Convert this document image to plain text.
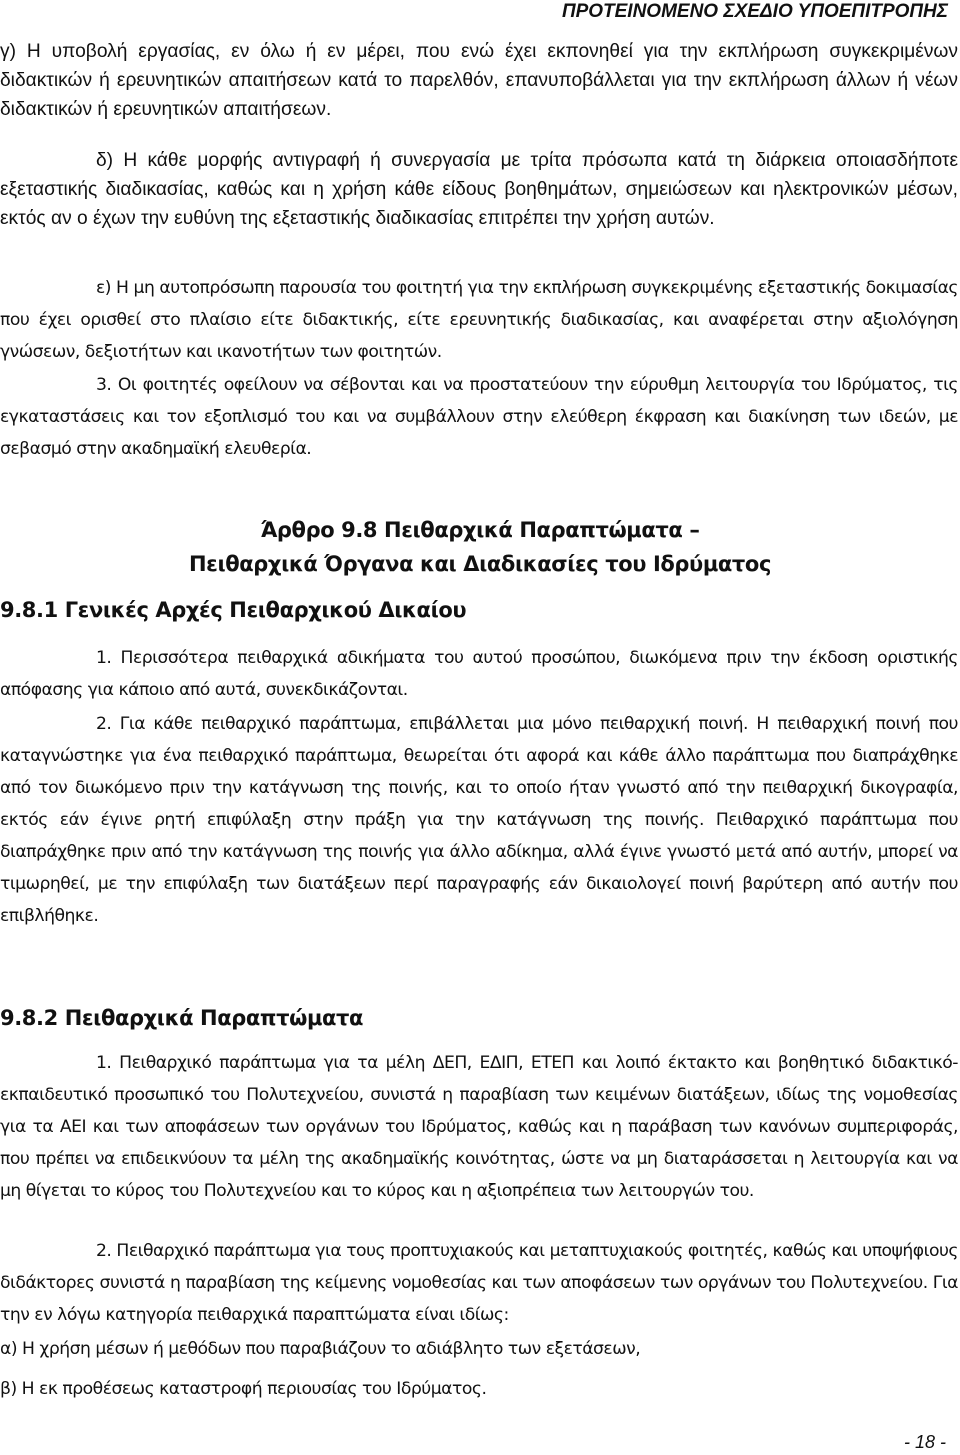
ΠΡΟΤΕΙΝΟΜΕΝΟ ΣΧΕΔΙΟ ΥΠΟΕΠΙΤΡΟΠΗΣ

γ) Η υποβολή εργασίας, εν όλω ή εν μέρει, που ενώ έχει εκπονηθεί για την εκπλήρωση συγκεκριμένων διδακτικών ή ερευνητικών απαιτήσεων κατά το παρελθόν, επανυποβάλλεται για την εκπλήρωση άλλων ή νέων διδακτικών ή ερευνητικών απαιτήσεων.

δ) Η κάθε μορφής αντιγραφή ή συνεργασία με τρίτα πρόσωπα κατά τη διάρκεια οποιασδήποτε εξεταστικής διαδικασίας, καθώς και η χρήση κάθε είδους βοηθημάτων, σημειώσεων και ηλεκτρονικών μέσων, εκτός αν ο έχων την ευθύνη της εξεταστικής διαδικασίας επιτρέπει την χρήση αυτών.

ε) Η μη αυτοπρόσωπη παρουσία του φοιτητή για την εκπλήρωση συγκεκριμένης εξεταστικής δοκιμασίας που έχει ορισθεί στο πλαίσιο είτε διδακτικής, είτε ερευνητικής διαδικασίας, και αναφέρεται στην αξιολόγηση γνώσεων, δεξιοτήτων και ικανοτήτων των φοιτητών.

3. Οι φοιτητές οφείλουν να σέβονται και να προστατεύουν την εύρυθμη λειτουργία του Ιδρύματος, τις εγκαταστάσεις και τον εξοπλισμό του και να συμβάλλουν στην ελεύθερη έκφραση και διακίνηση των ιδεών, με σεβασμό στην ακαδημαϊκή ελευθερία.

Άρθρο 9.8 Πειθαρχικά Παραπτώματα –
Πειθαρχικά Όργανα και Διαδικασίες του Ιδρύματος
9.8.1 Γενικές Αρχές Πειθαρχικού Δικαίου

1. Περισσότερα πειθαρχικά αδικήματα του αυτού προσώπου, διωκόμενα πριν την έκδοση οριστικής απόφασης για κάποιο από αυτά, συνεκδικάζονται.

2. Για κάθε πειθαρχικό παράπτωμα, επιβάλλεται μια μόνο πειθαρχική ποινή. Η πειθαρχική ποινή που καταγνώστηκε για ένα πειθαρχικό παράπτωμα, θεωρείται ότι αφορά και κάθε άλλο παράπτωμα που διαπράχθηκε από τον διωκόμενο πριν την κατάγνωση της ποινής, και το οποίο ήταν γνωστό από την πειθαρχική δικογραφία, εκτός εάν έγινε ρητή επιφύλαξη στην πράξη για την κατάγνωση της ποινής. Πειθαρχικό παράπτωμα που διαπράχθηκε πριν από την κατάγνωση της ποινής για άλλο αδίκημα, αλλά έγινε γνωστό μετά από αυτήν, μπορεί να τιμωρηθεί, με την επιφύλαξη των διατάξεων περί παραγραφής εάν δικαιολογεί ποινή βαρύτερη από αυτήν που επιβλήθηκε.

9.8.2 Πειθαρχικά Παραπτώματα

1. Πειθαρχικό παράπτωμα για τα μέλη ΔΕΠ, ΕΔΙΠ, ΕΤΕΠ και λοιπό έκτακτο και βοηθητικό διδακτικό-εκπαιδευτικό προσωπικό του Πολυτεχνείου, συνιστά η παραβίαση των κειμένων διατάξεων, ιδίως της νομοθεσίας για τα ΑΕΙ και των αποφάσεων των οργάνων του Ιδρύματος, καθώς και η παράβαση των κανόνων συμπεριφοράς, που πρέπει να επιδεικνύουν τα μέλη της ακαδημαϊκής κοινότητας, ώστε να μη διαταράσσεται η λειτουργία και να μη θίγεται το κύρος του Πολυτεχνείου και το κύρος και η αξιοπρέπεια των λειτουργών του.

2. Πειθαρχικό παράπτωμα για τους προπτυχιακούς και μεταπτυχιακούς φοιτητές, καθώς και υποψήφιους διδάκτορες συνιστά η παραβίαση της κείμενης νομοθεσίας και των αποφάσεων των οργάνων του Πολυτεχνείου. Για την εν λόγω κατηγορία πειθαρχικά παραπτώματα είναι ιδίως:

α) Η χρήση μέσων ή μεθόδων που παραβιάζουν το αδιάβλητο των εξετάσεων,

β) Η εκ προθέσεως καταστροφή περιουσίας του Ιδρύματος.

- 18 -
